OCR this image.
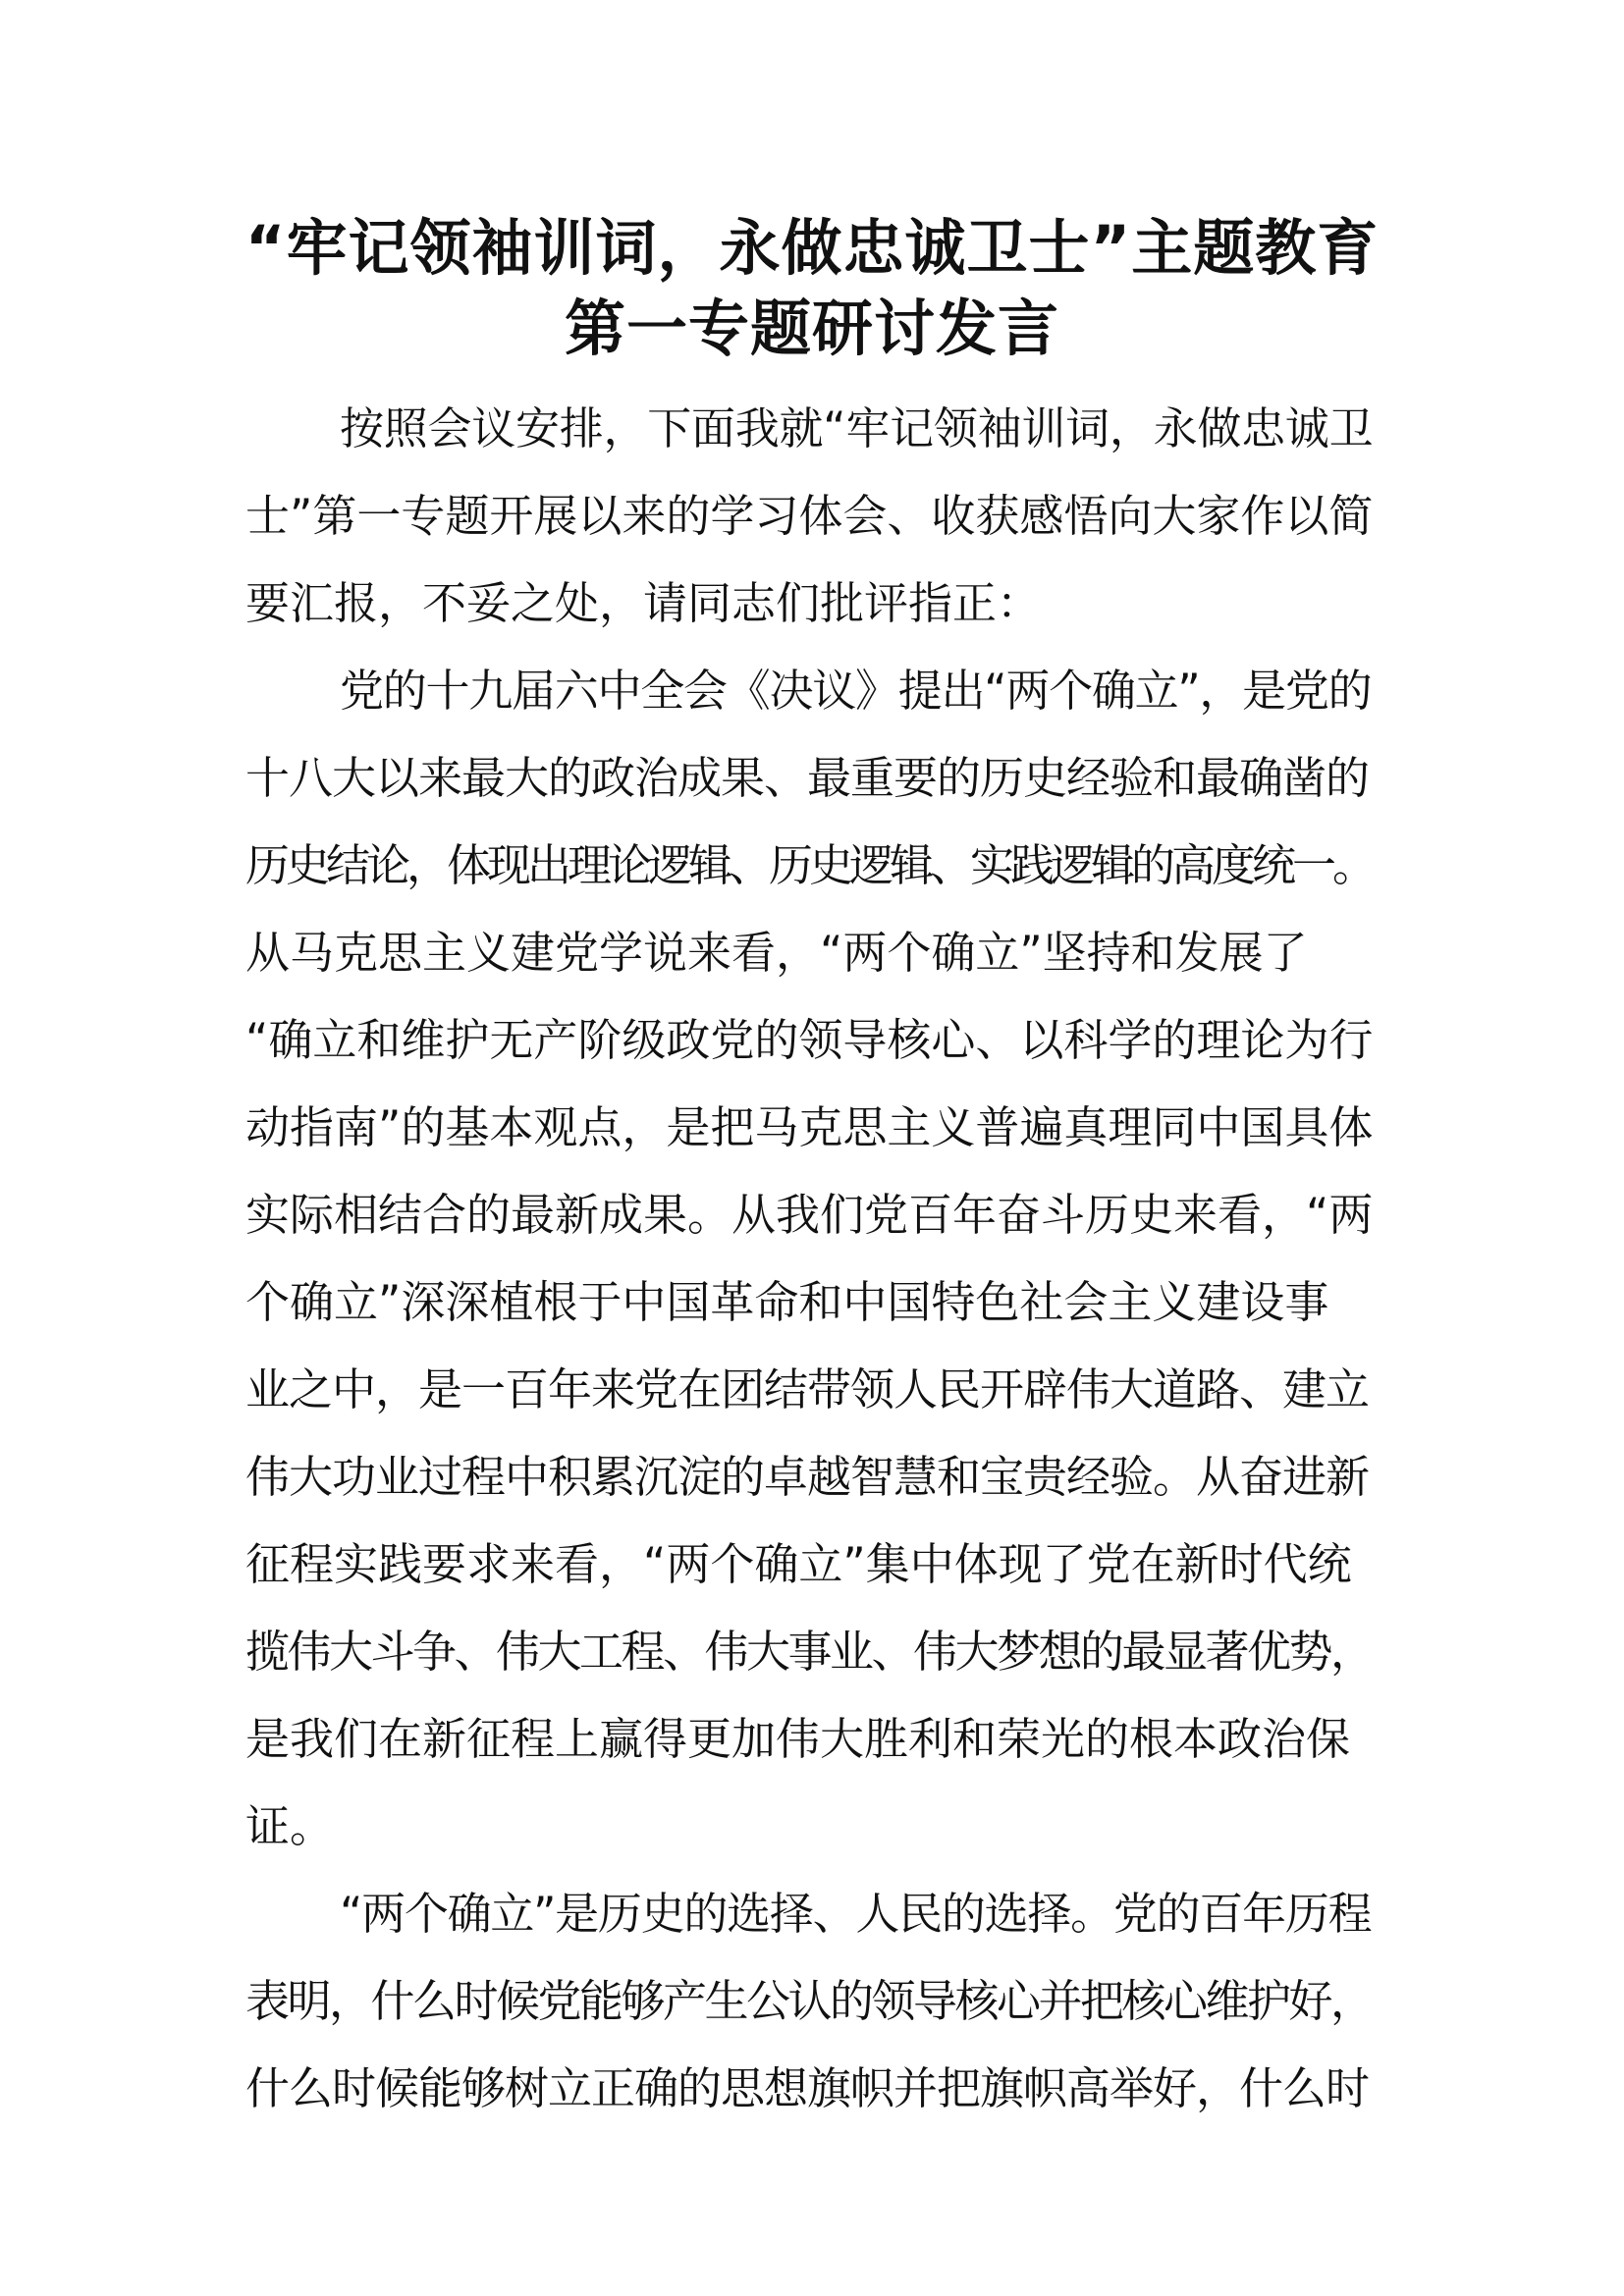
“牢记领袖训词，永做忠诚卫士”主题教育
第一专题研讨发言
按照会议安排，下面我就“牢记领袖训词，永做忠诚卫
士”第一专题开展以来的学习体会、收获感悟向大家作以简
要汇报，不妥之处，请同志们批评指正：
党的十九届六中全会《决议》提出“两个确立”，是党的
十八大以来最大的政治成果、最重要的历史经验和最确凿的
历史结论，体现出理论逻辑、历史逻辑、实践逻辑的高度统一。
从马克思主义建党学说来看，“两个确立”坚持和发展了
“确立和维护无产阶级政党的领导核心、以科学的理论为行
动指南”的基本观点，是把马克思主义普遍真理同中国具体
实际相结合的最新成果。从我们党百年奋斗历史来看，“两
个确立”深深植根于中国革命和中国特色社会主义建设事
业之中，是一百年来党在团结带领人民开辟伟大道路、建立
伟大功业过程中积累沉淀的卓越智慧和宝贵经验。从奋进新
征程实践要求来看，“两个确立”集中体现了党在新时代统
揽伟大斗争、伟大工程、伟大事业、伟大梦想的最显著优势，
是我们在新征程上赢得更加伟大胜利和荣光的根本政治保
证。
“两个确立”是历史的选择、人民的选择。党的百年历程
表明，什么时候党能够产生公认的领导核心并把核心维护好，
什么时候能够树立正确的思想旗帜并把旗帜高举好，什么时
